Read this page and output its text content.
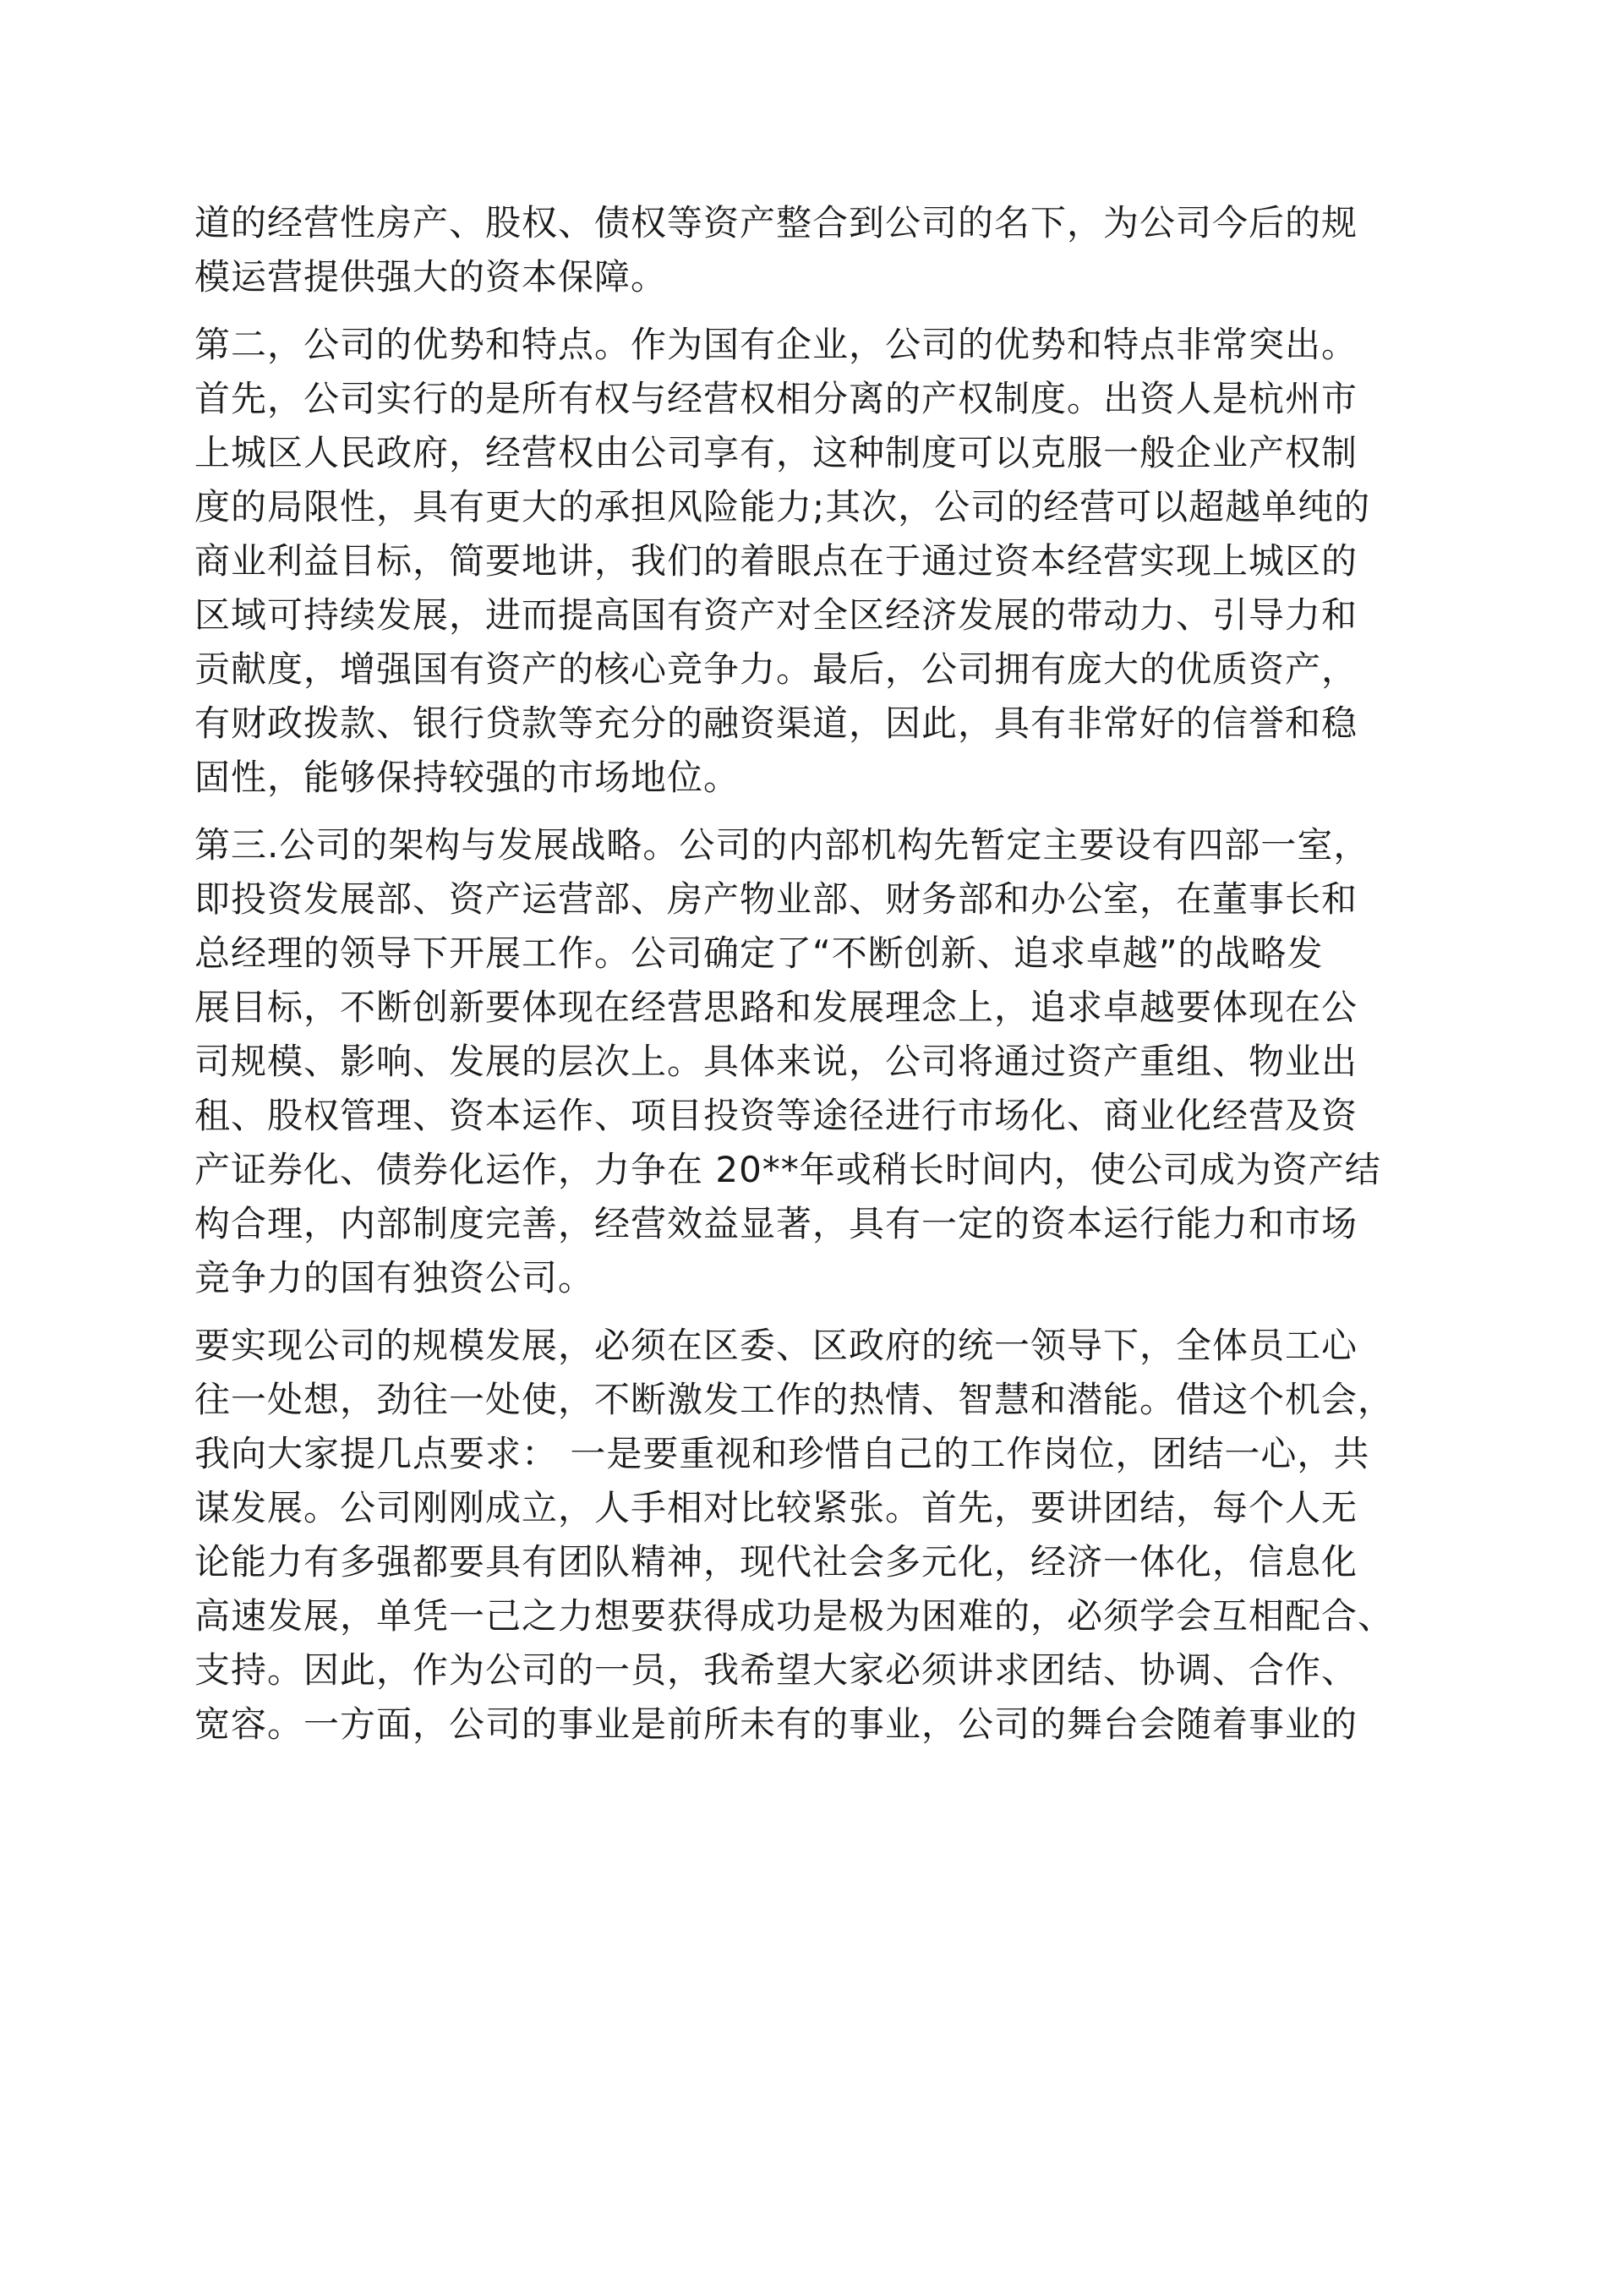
道的经营性房产、股权、债权等资产整合到公司的名下，为公司今后的规
模运营提供强大的资本保障。

第二，公司的优势和特点。作为国有企业，公司的优势和特点非常突出。
首先，公司实行的是所有权与经营权相分离的产权制度。出资人是杭州市
上城区人民政府，经营权由公司享有，这种制度可以克服一般企业产权制
度的局限性，具有更大的承担风险能力;其次，公司的经营可以超越单纯的
商业利益目标，简要地讲，我们的着眼点在于通过资本经营实现上城区的
区域可持续发展，进而提高国有资产对全区经济发展的带动力、引导力和
贡献度，增强国有资产的核心竞争力。最后，公司拥有庞大的优质资产，
有财政拨款、银行贷款等充分的融资渠道，因此，具有非常好的信誉和稳
固性，能够保持较强的市场地位。

第三.公司的架构与发展战略。公司的内部机构先暂定主要设有四部一室，
即投资发展部、资产运营部、房产物业部、财务部和办公室，在董事长和
总经理的领导下开展工作。公司确定了“不断创新、追求卓越”的战略发
展目标，不断创新要体现在经营思路和发展理念上，追求卓越要体现在公
司规模、影响、发展的层次上。具体来说，公司将通过资产重组、物业出
租、股权管理、资本运作、项目投资等途径进行市场化、商业化经营及资
产证券化、债券化运作，力争在 20**年或稍长时间内，使公司成为资产结
构合理，内部制度完善，经营效益显著，具有一定的资本运行能力和市场
竞争力的国有独资公司。

要实现公司的规模发展，必须在区委、区政府的统一领导下，全体员工心
往一处想，劲往一处使，不断激发工作的热情、智慧和潜能。借这个机会，
我向大家提几点要求： 一是要重视和珍惜自己的工作岗位，团结一心，共
谋发展。公司刚刚成立，人手相对比较紧张。首先，要讲团结，每个人无
论能力有多强都要具有团队精神，现代社会多元化，经济一体化，信息化
高速发展，单凭一己之力想要获得成功是极为困难的，必须学会互相配合、
支持。因此，作为公司的一员，我希望大家必须讲求团结、协调、合作、
宽容。一方面，公司的事业是前所未有的事业，公司的舞台会随着事业的
